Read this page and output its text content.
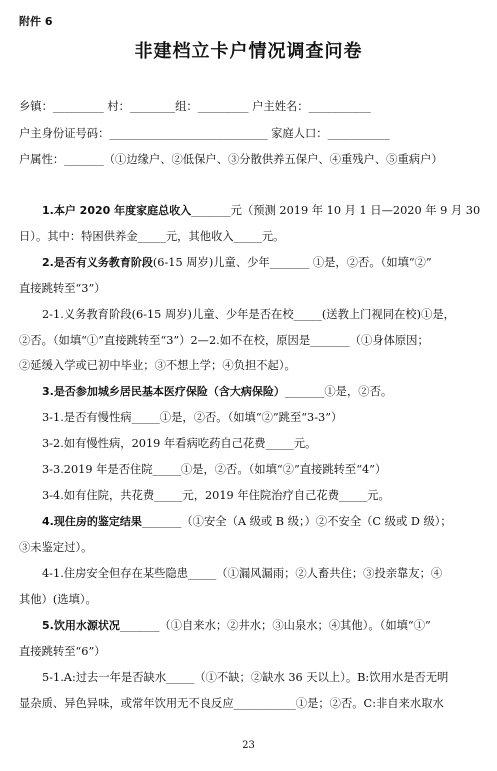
附件 6
非建档立卡户情况调查问卷
乡镇：_________ 村：________组：_________ 户主姓名：___________
户主身份证号码：____________________________ 家庭人口：___________
户属性：_______（①边缘户、②低保户、③分散供养五保户、④重残户、⑤重病户）
1.本户 2020 年度家庭总收入_______元（预测 2019 年 10 月 1 日—2020 年 9 月 30
日）。其中：特困供养金_____元，其他收入_____元。
2.是否有义务教育阶段(6-15 周岁)儿童、少年_______ ①是，②否。（如填“②”
直接跳转至“3”）
2-1.义务教育阶段(6-15 周岁)儿童、少年是否在校_____(送教上门视同在校)①是，
②否。（如填“①”直接跳转至“3”）2—2.如不在校，原因是_______（①身体原因；
②延缓入学或已初中毕业；③不想上学；④负担不起）。
3.是否参加城乡居民基本医疗保险（含大病保险）_______①是，②否。
3-1.是否有慢性病_____①是，②否。（如填“②”跳至“3-3”）
3-2.如有慢性病，2019 年看病吃药自己花费_____元。
3-3.2019 年是否住院_____①是，②否。（如填“②”直接跳转至“4”）
3-4.如有住院，共花费_____元，2019 年住院治疗自己花费_____元。
4.现住房的鉴定结果_______（①安全（A 级或 B 级；）②不安全（C 级或 D 级）；
③未鉴定过）。
4-1.住房安全但存在某些隐患_____（①漏风漏雨；②人畜共住；③投亲靠友；④
其他）(选填）。
5.饮用水源状况_______（①自来水；②井水；③山泉水；④其他）。（如填“①”
直接跳转至“6”）
5-1.A:过去一年是否缺水_____（①不缺；②缺水 36 天以上）。B:饮用水是否无明
显杂质、异色异味，或常年饮用无不良反应___________①是；②否。C:非自来水取水
23
